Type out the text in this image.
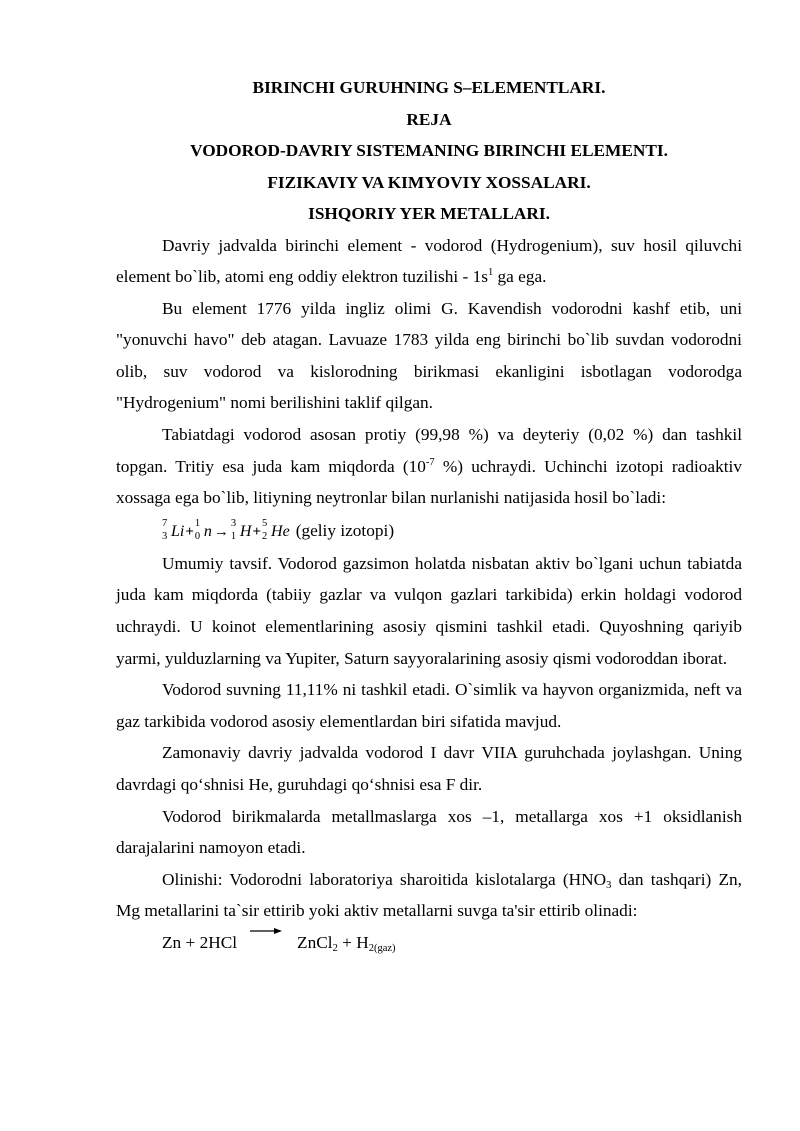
BIRINCHI GURUHNING S–ELEMENTLARI.

REJA

VODOROD-DAVRIY SISTEMANING BIRINCHI ELEMENTI.

FIZIKAVIY VA KIMYOVIY XOSSALARI.

ISHQORIY YER METALLARI.

Davriy jadvalda birinchi element - vodorod (Hydrogenium), suv hosil qiluvchi element bo`lib, atomi eng oddiy elektron tuzilishi - $1s^1$ ga ega.

Bu element 1776 yilda ingliz olimi G. Kavendish vodorodni kashf etib, uni "yonuvchi havo" deb atagan. Lavuaze 1783 yilda eng birinchi bo`lib suvdan vodorodni olib, suv vodorod va kislorodning birikmasi ekanligini isbotlagan vodorodga "Hydrogenium" nomi berilishini taklif qilgan.

Tabiatdagi vodorod asosan protiy (99,98 %) va deyteriy (0,02 %) dan tashkil topgan. Tritiy esa juda kam miqdorda ($10^{-7}$ %) uchraydi. Uchinchi izotopi radioaktiv xossaga ega bo`lib, litiyning neytronlar bilan nurlanishi natijasida hosil bo`ladi:

7
3 Li+
1
0 n →
3
1 H+
5
2 He (geliy izotopi)

Umumiy tavsif. Vodorod gazsimon holatda nisbatan aktiv bo`lgani uchun tabiatda juda kam miqdorda (tabiiy gazlar va vulqon gazlari tarkibida) erkin holdagi vodorod uchraydi. U koinot elementlarining asosiy qismini tashkil etadi. Quyoshning qariyib yarmi, yulduzlarning va Yupiter, Saturn sayyoralarining asosiy qismi vodoroddan iborat.

Vodorod suvning 11,11% ni tashkil etadi. O`simlik va hayvon organizmida, neft va gaz tarkibida vodorod asosiy elementlardan biri sifatida mavjud.

Zamonaviy davriy jadvalda vodorod I davr VIIA guruhchada joylashgan. Uning davrdagi qo‘shnisi He, guruhdagi qo‘shnisi esa F dir.

Vodorod birikmalarda metallmaslarga xos –1, metallarga xos +1 oksidlanish darajalarini namoyon etadi.

Olinishi: Vodorodni laboratoriya sharoitida kislotalarga ($HNO_3$ dan tashqari) Zn, Mg metallarini ta`sir ettirib yoki aktiv metallarni suvga ta'sir ettirib olinadi:

Zn + 2HCl → ZnCl$_2$ + $H_{2(gaz)}$
